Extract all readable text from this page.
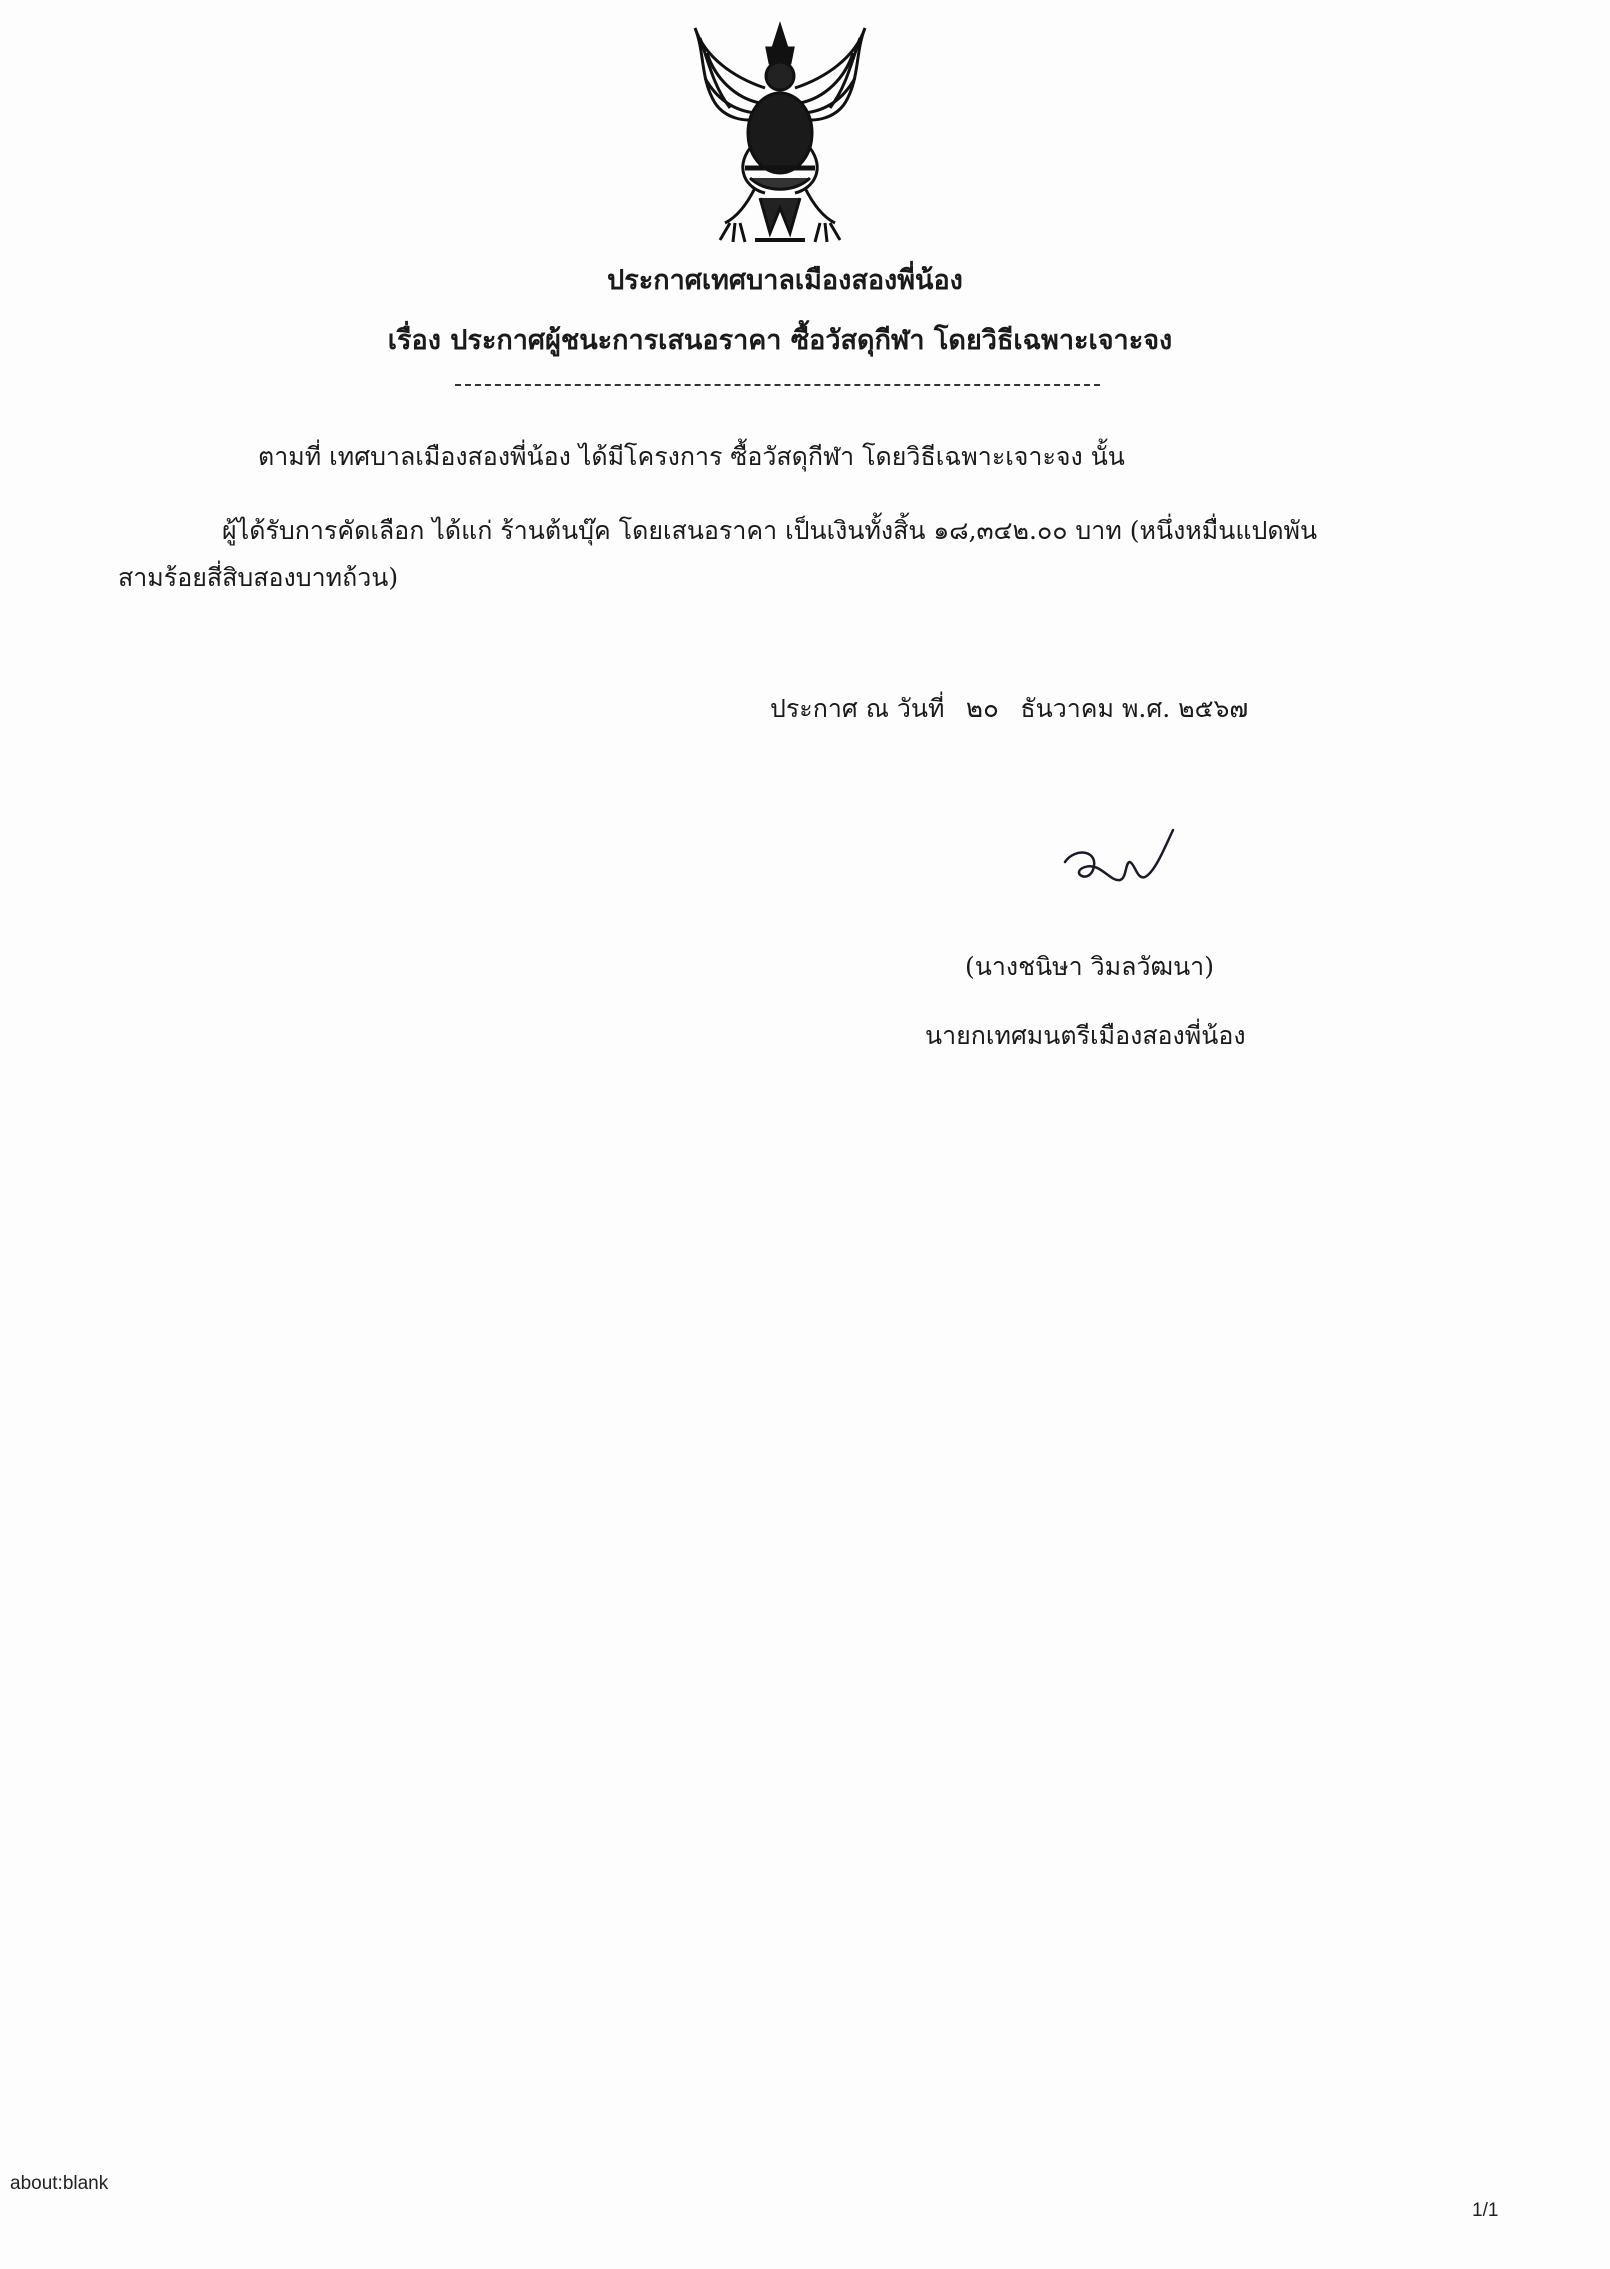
ประกาศเทศบาลเมืองสองพี่น้อง
เรื่อง ประกาศผู้ชนะการเสนอราคา ซื้อวัสดุกีฬา โดยวิธีเฉพาะเจาะจง
ตามที่ เทศบาลเมืองสองพี่น้อง ได้มีโครงการ ซื้อวัสดุกีฬา โดยวิธีเฉพาะเจาะจง นั้น
ผู้ได้รับการคัดเลือก ได้แก่ ร้านต้นบุ๊ค โดยเสนอราคา เป็นเงินทั้งสิ้น ๑๘,๓๔๒.๐๐ บาท (หนึ่งหมื่นแปดพัน
สามร้อยสี่สิบสองบาทถ้วน)
ประกาศ ณ วันที่ ๒๐ ธันวาคม พ.ศ. ๒๕๖๗
(นางชนิษา วิมลวัฒนา)
นายกเทศมนตรีเมืองสองพี่น้อง
about:blank
1/1
